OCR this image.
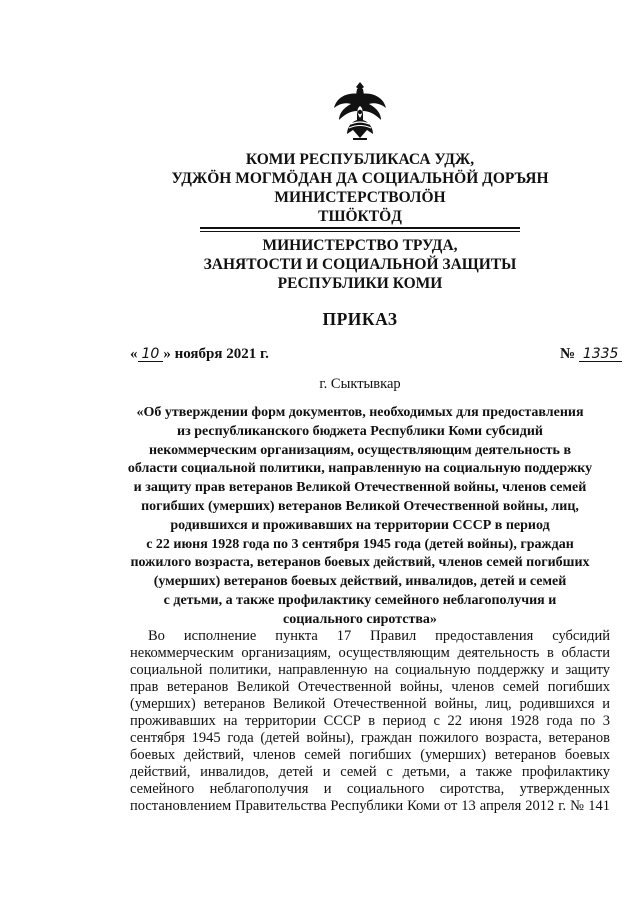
КОМИ РЕСПУБЛИКАСА УДЖ,
УДЖӦН МОГМӦДАН ДА СОЦИАЛЬНӦЙ ДОРЪЯН
МИНИСТЕРСТВОЛӦН
ТШӦКТӦД
МИНИСТЕРСТВО ТРУДА,
ЗАНЯТОСТИ И СОЦИАЛЬНОЙ ЗАЩИТЫ
РЕСПУБЛИКИ КОМИ
ПРИКАЗ
« 10 » ноября 2021 г.	№ 1335
г. Сыктывкар
«Об утверждении форм документов, необходимых для предоставления
из республиканского бюджета Республики Коми субсидий
некоммерческим организациям, осуществляющим деятельность в
области социальной политики, направленную на социальную поддержку
и защиту прав ветеранов Великой Отечественной войны, членов семей
погибших (умерших) ветеранов Великой Отечественной войны, лиц,
родившихся и проживавших на территории СССР в период
с 22 июня 1928 года по 3 сентября 1945 года (детей войны), граждан
пожилого возраста, ветеранов боевых действий, членов семей погибших
(умерших) ветеранов боевых действий, инвалидов, детей и семей
с детьми, а также профилактику семейного неблагополучия и
социального сиротства»
Во исполнение пункта 17 Правил предоставления субсидий
некоммерческим организациям, осуществляющим деятельность в области
социальной политики, направленную на социальную поддержку и защиту
прав ветеранов Великой Отечественной войны, членов семей погибших
(умерших) ветеранов Великой Отечественной войны, лиц, родившихся и
проживавших на территории СССР в период с 22 июня 1928 года по 3
сентября 1945 года (детей войны), граждан пожилого возраста, ветеранов
боевых действий, членов семей погибших (умерших) ветеранов боевых
действий, инвалидов, детей и семей с детьми, а также профилактику
семейного неблагополучия и социального сиротства, утвержденных
постановлением Правительства Республики Коми от 13 апреля 2012 г. № 141
